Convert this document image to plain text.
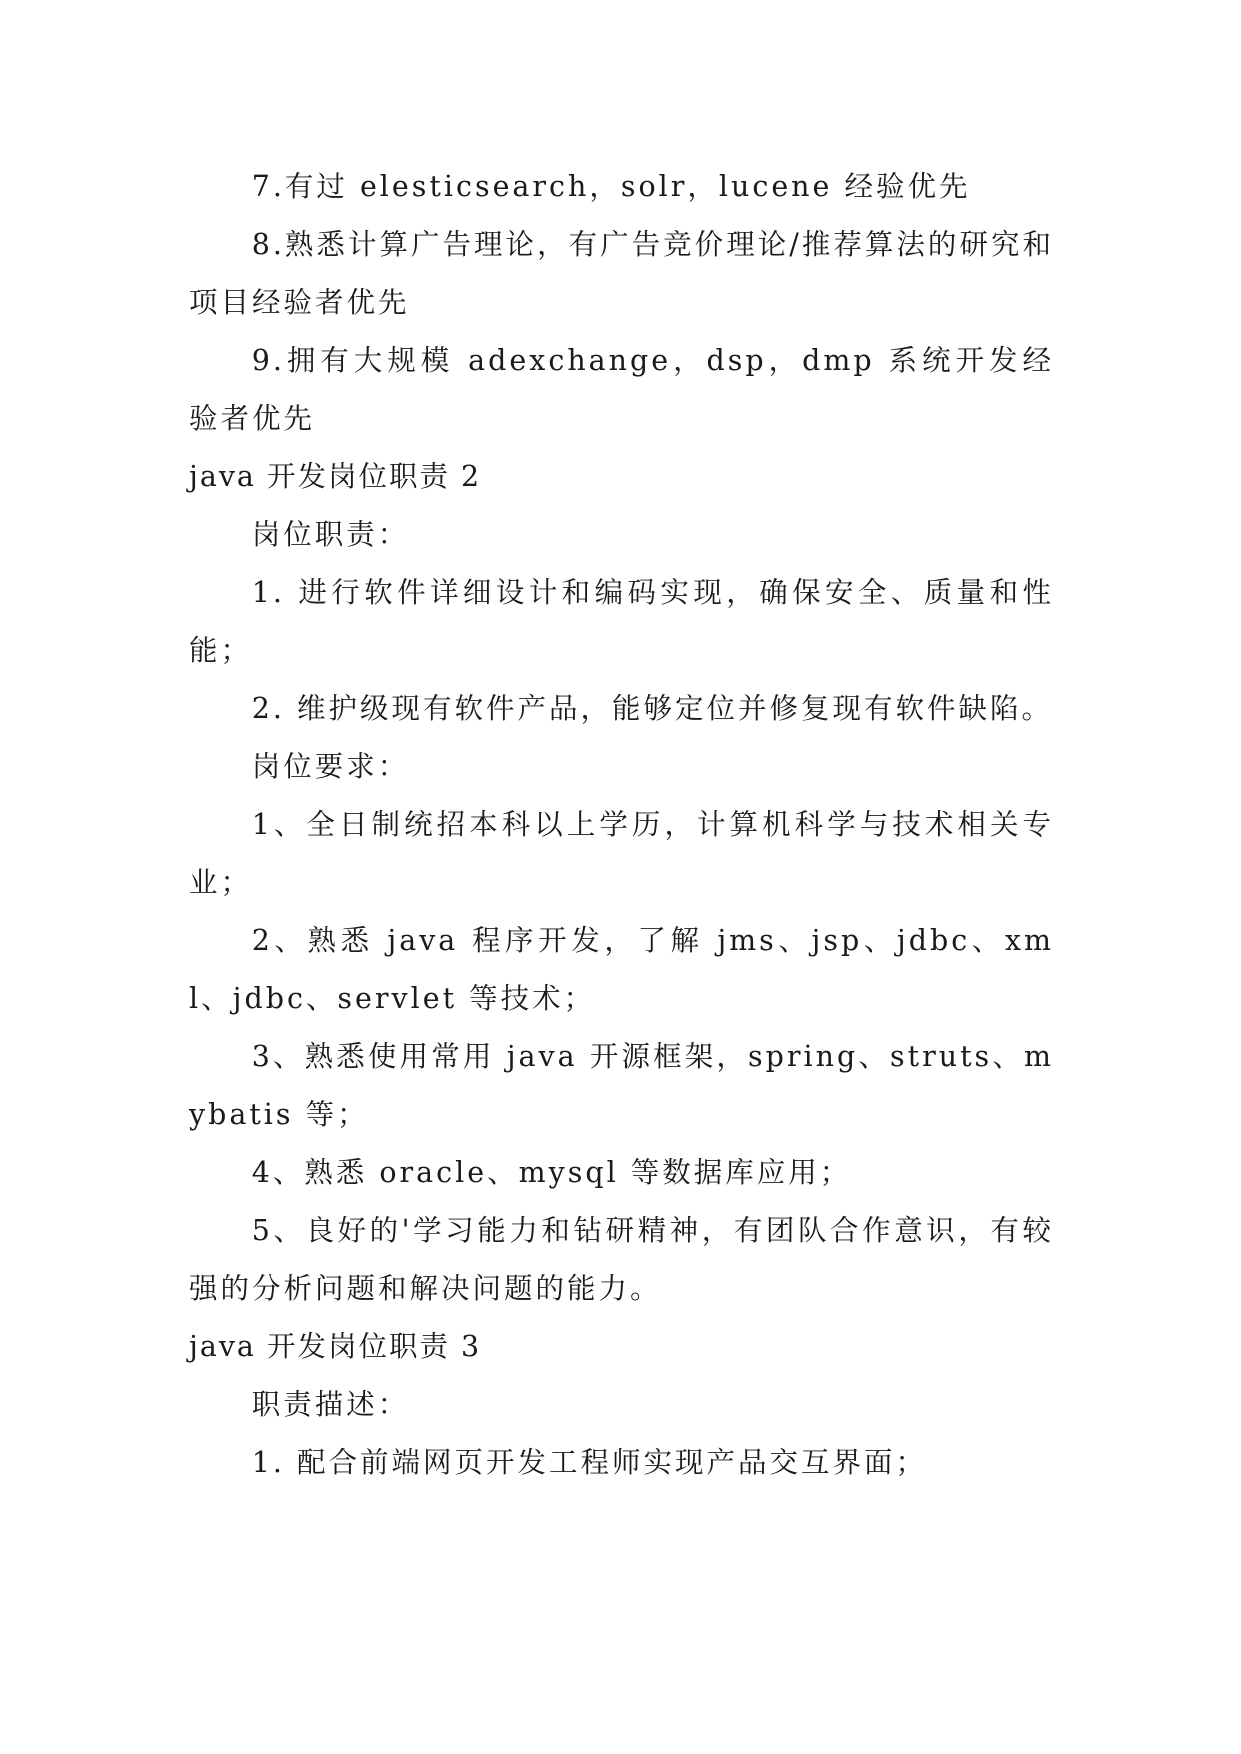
7.有过 elesticsearch，solr，lucene 经验优先

8.熟悉计算广告理论，有广告竞价理论/推荐算法的研究和项目经验者优先

9.拥有大规模 adexchange，dsp，dmp 系统开发经验者优先

java 开发岗位职责 2

岗位职责：

1. 进行软件详细设计和编码实现，确保安全、质量和性能；

2. 维护级现有软件产品，能够定位并修复现有软件缺陷。

岗位要求：

1、全日制统招本科以上学历，计算机科学与技术相关专业；

2、熟悉 java 程序开发，了解 jms、jsp、jdbc、xml、jdbc、servlet 等技术；

3、熟悉使用常用 java 开源框架，spring、struts、mybatis 等；

4、熟悉 oracle、mysql 等数据库应用；

5、良好的'学习能力和钻研精神，有团队合作意识，有较强的分析问题和解决问题的能力。

java 开发岗位职责 3

职责描述：

1. 配合前端网页开发工程师实现产品交互界面；
